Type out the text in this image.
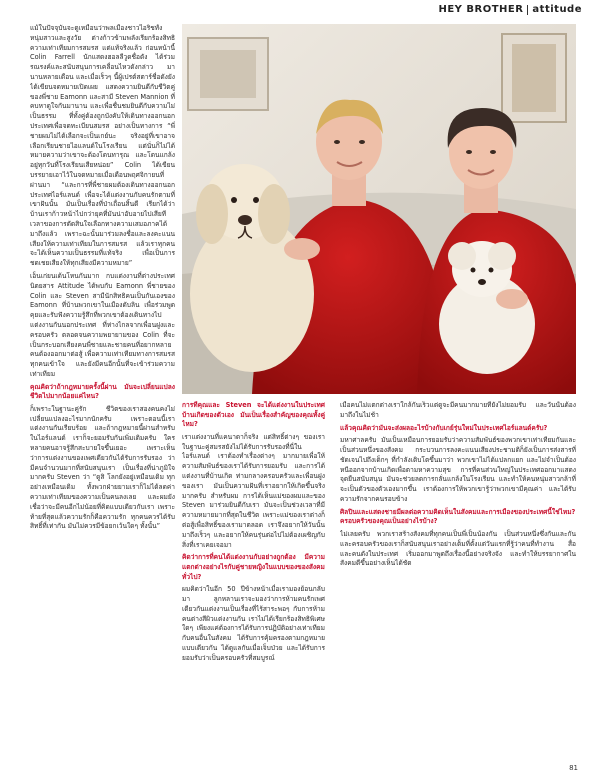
HEY BROTHER attitude

แม้ในปัจจุบันจะดูเหมือนว่าพลเมืองชาวไอริชทั้งหนุ่มสาวและสูงวัย ต่างก้าวข้ามพลังเรียกร้องสิทธิความเท่าเทียมการสมรส แต่แท้จริงแล้ว ก่อนหน้านี้ Colin Farrell นักแสดงฮอลลีวูดชื่อดัง ได้ร่วมรณรงค์และสนับสนุนการเคลื่อนไหวดังกล่าว มานานหลายเดือน และเมื่อเร็วๆ นี้ผู้เปรต์สตาร์ชื่อดังยังได้เขียนจดหมายเปิดเผย แสดงความยินดีกับชีวิตคู่ของพี่ชาย Eamonn และสามี Steven Mannion ที่คบหาดูใจกันมานาน และเพื่อชื่นชมยินดีกับความไม่เป็นธรรม ที่ทั้งคู่ต้องถูกบังคับให้เดินทางออกนอกประเทศเพื่อจดทะเบียนสมรส อย่างเป็นทางการ “พี่ชายผมไม่ได้เลือกจะเป็นเกย์นะ จริงอยู่ที่เขาอาจเลือกเรียนชายไอแลนด์ในโรงเรียน แต่นั่นก็ไม่ได้หมายความว่าเขาจะต้องโดนทารุณ และโดนแกล้งอยู่ทุกวันที่โรงเรียนเสียหน่อย” Colin ได้เขียนบรรยายเอาไว้ในจดหมายเมื่อเดือนพฤศจิกายนที่ผ่านมา “และการที่พี่ชายผมต้องเดินทางออกนอกประเทศไอร์แลนด์ เพื่อจะได้แต่งงานกับคนรักตามที่เขาฝันนั้น มันเป็นเรื่องที่ป่าเถื่อนสิ้นดี เรียกได้ว่าบ้านเราก้าวหน้าไปกว่ายุคที่มันน่าอับอายไปเสียที เวลาของการตัดสินใจเลือกทางความเสมอภาคได้มาถึงแล้ว เพราะฉะนั้นมาร่วมลงชื่อและลงคะแนนเสียงให้ความเท่าเทียมในการสมรส แล้วเราทุกคนจะได้เห็นความเป็นธรรมที่แท้จริง เพื่อเป็นการชดเชยเสียงให้ทุกเสียงมีความหมาย”

เอ็นเก่ยนเด้นโหนกันมาก กบแต่งงานที่ต่างประเทศ นิตยสาร Attitude ได้พบกับ Eamonn พี่ชายของ Colin และ Steven สามีนักสิทธิคนเป็นกันเองของ Eamonn ที่บ้านพวกเขาในเมืองดับลิน เพื่อร่วมพูดคุยและรับฟังความรู้สึกที่พวกเขาต้องเดินทางไปแต่งงานกันนอกประเทศ ที่ห่างไกลจากเพื่อนฝูงและครอบครัว ตลอดจนความพยายามของ Colin ที่จะเป็นกระบอกเสียงคนพี่ชายและชายคนที่อยากหลายคนต้องออกมาต่อสู้ เพื่อความเท่าเทียมทางการสมรส ทุกคนเข้าใจ และยังมีคนอีกนั้นที่จะเข้าร่วมความเท่าเทียม

คุณคิดว่าถ้ากฎหมายครั้งนี้ผ่าน มันจะเปลี่ยนแปลงชีวิตไปมากน้อยแค่ไหน?

ก็เพราะในฐานะคู่รัก ชีวิตของเราสองคนคงไม่เปลี่ยนแปลงอะไรมากนักครับ เพราะตอนนี้เราแต่งงานกันเรียบร้อย และถ้ากฎหมายนี้ผ่านสำหรับในไอร์แลนด์ เราก็จะยอมรับกันเพิ่มเติมครับ ใครหลายคนอาจรู้สึกสะบายใจขึ้นเยอะ เพราะเห็นว่าการแต่งงานของเพศเดียวกันได้รับการรับรอง ว่ามีคนจำนวนมากที่สนับสนุนเรา เป็นเรื่องที่น่าภูมิใจมากครับ Steven ว่า “ดูสิ โลกยังอยู่เหมือนเดิม ทุกอย่างเหมือนเดิม ทั้งพวกฝ่ายยามเราก็ไม่ได้ลดค่าความเท่าเทียมของความเป็นคนลงเลย และผมยังเชื่อว่าจะมีคนอีกไม่น้อยที่คิดแบบเดียวกับเรา เพราะท้ายที่สุดแล้วความรักก็คือความรัก ทุกคนควรได้รับสิทธิ์ที่เท่ากัน มันไม่ควรมีข้อยกเว้นใดๆ ทั้งนั้น”

การที่คุณและ Steven จะได้แต่งงานในประเทศบ้านเกิดของตัวเอง มันเป็นเรื่องสำคัญของคุณทั้งคู่ไหม?

เราแต่งงานที่แคนาดาก็จริง แต่สิทธิ์ต่างๆ ของเราในฐานะคู่สมรสยังไม่ได้รับการรับรองที่นี่ในไอร์แลนด์ เราต้องทำเรื่องต่างๆ มากมายเพื่อให้ความสัมพันธ์ของเราได้รับการยอมรับ และการได้แต่งงานที่บ้านเกิด ท่ามกลางครอบครัวและเพื่อนฝูงของเรา มันเป็นความฝันที่เราอยากให้เกิดขึ้นจริงมากครับ สำหรับผม การได้เห็นแม่ของผมและของ Steven มาร่วมยินดีกับเรา มันจะเป็นช่วงเวลาที่มีความหมายมากที่สุดในชีวิต เพราะแม่ของเราต่างก็ต่อสู้เพื่อสิทธิ์ของเรามาตลอด เราจึงอยากให้วันนั้นมาถึงเร็วๆ และอยากให้คนรุ่นต่อไปไม่ต้องเผชิญกับสิ่งที่เราเคยเจอมา

คิดว่าการที่คนได้แต่งงานกับอย่างถูกต้อง มีความแตกต่างอย่างไรกับคู่ชายหญิงในแบบของของสังคมทั่วไป?

ผมคิดว่าในอีก 50 ปีข้างหน้าเมื่อเรามองย้อนกลับมา ลูกหลานเราจะมองว่าการห้ามคนรักเพศเดียวกันแต่งงานเป็นเรื่องที่ไร้สาระพอๆ กับการห้ามคนต่างสีผิวแต่งงานกัน เราไม่ได้เรียกร้องสิทธิพิเศษใดๆ เพียงแค่ต้องการได้รับการปฏิบัติอย่างเท่าเทียมกับคนอื่นในสังคม ได้รับการคุ้มครองตามกฎหมายแบบเดียวกัน ได้ดูแลกันเมื่อเจ็บป่วย และได้รับการยอมรับว่าเป็นครอบครัวที่สมบูรณ์

เมื่อคนไม่แตกต่างเราใกล้กันเร็วแต่ดูจะมีคนมากมายที่ยังไม่ยอมรับ และวันนั้นต้องมาถึงในไม่ช้า

แล้วคุณคิดว่ามันจะส่งผลอะไรบ้างกับเกย์รุ่นใหม่ในประเทศไอร์แลนด์ครับ?

มหาศาลครับ มันเป็นเหมือนการยอมรับว่าความสัมพันธ์ของพวกเขาเท่าเทียมกันและเป็นส่วนหนึ่งของสังคม กระบวนการลงคะแนนเสียงประชามติก็ยังเป็นการส่งสารที่ชัดเจนไปถึงเด็กๆ ที่กำลังเติบโตขึ้นมาว่า พวกเขาไม่ได้แปลกแยก และไม่จำเป็นต้องหนีออกจากบ้านเกิดเพื่อตามหาความสุข การที่คนส่วนใหญ่ในประเทศออกมาแสดงจุดยืนสนับสนุน มันจะช่วยลดการกลั่นแกล้งในโรงเรียน และทำให้คนหนุ่มสาวกล้าที่จะเป็นตัวของตัวเองมากขึ้น เราต้องการให้พวกเขารู้ว่าพวกเขามีคุณค่า และได้รับความรักจากคนรอบข้าง

ศิลปินและแสดงชายมีผลต่อความคิดเห็นในสังคมและการเมืองของประเทศนี้ใช่ไหม? ครอบครัวของคุณเป็นอย่างไรบ้าง?

ไม่เลยครับ พวกเราสร้างสังคมที่ทุกคนเป็นพี่เป็นน้องกัน เป็นส่วนหนึ่งซึ่งกันและกัน และครอบครัวของเราก็สนับสนุนเราอย่างเต็มที่ตั้งแต่วันแรกที่รู้ว่าคนที่ทำงาน สื่อ และคนดังในประเทศ เริ่มออกมาพูดถึงเรื่องนี้อย่างจริงจัง และทำให้บรรยากาศในสังคมดีขึ้นอย่างเห็นได้ชัด

81
